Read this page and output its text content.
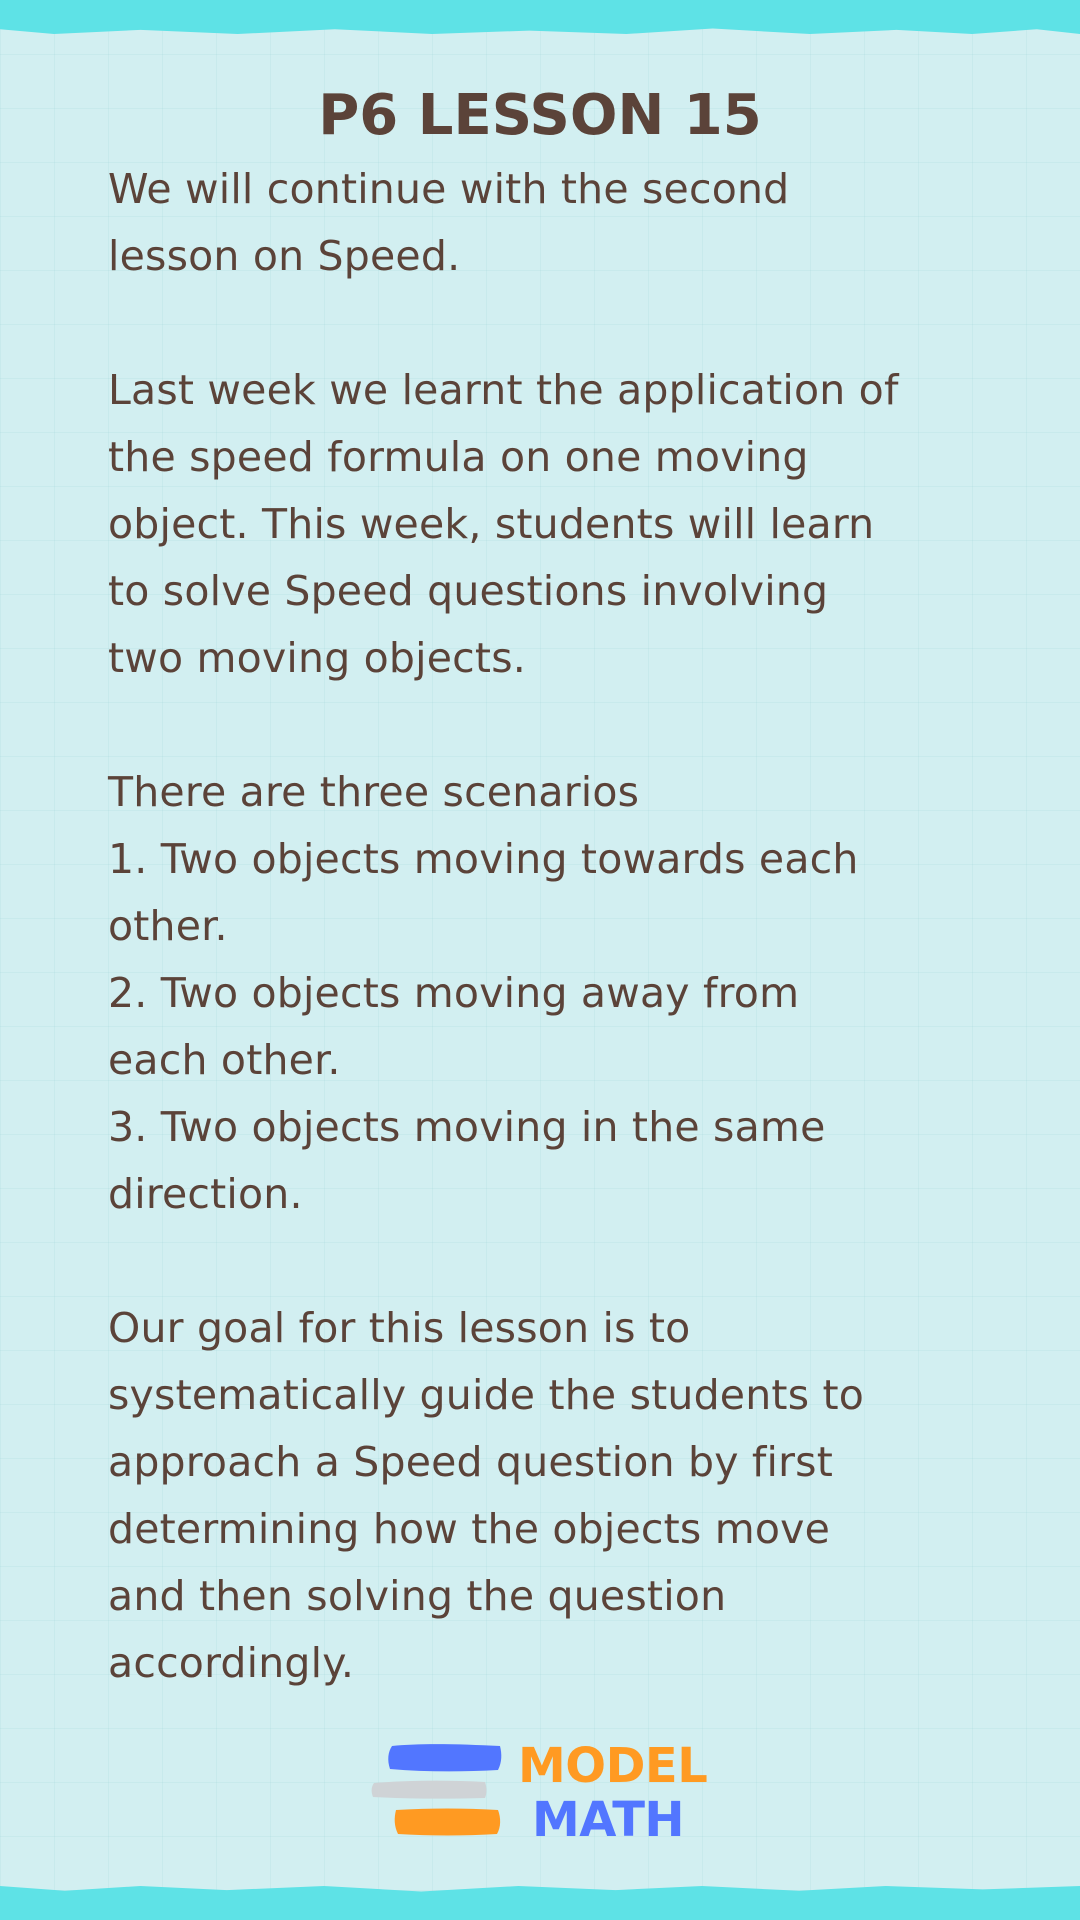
P6 LESSON 15

We will continue with the second

lesson on Speed.

Last week we learnt the application of

the speed formula on one moving

object. This week, students will learn

to solve Speed questions involving

two moving objects.

There are three scenarios

1. Two objects moving towards each

other.

2. Two objects moving away from

each other.

3. Two objects moving in the same

direction.

Our goal for this lesson is to

systematically guide the students to

approach a Speed question by first

determining how the objects move

and then solving the question

accordingly.

MODEL
MATH
